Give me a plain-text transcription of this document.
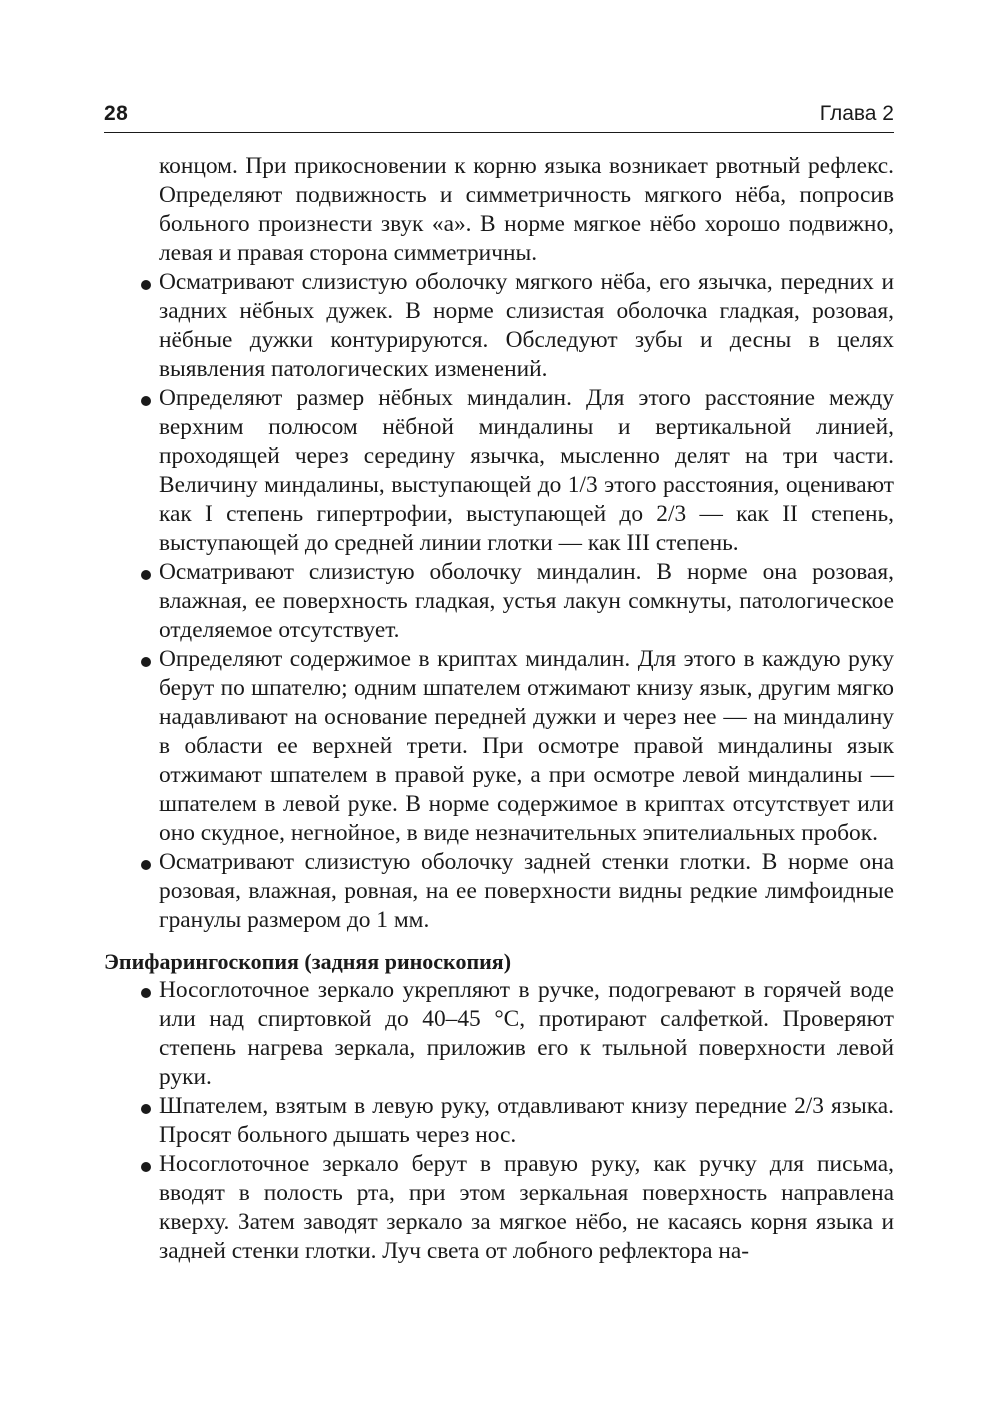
28	Глава 2

концом. При прикосновении к корню языка возникает рвотный рефлекс. Определяют подвижность и симметричность мягкого нёба, попросив больного произнести звук «а». В норме мягкое нёбо хорошо подвижно, левая и правая сторона симметричны.

Осматривают слизистую оболочку мягкого нёба, его язычка, передних и задних нёбных дужек. В норме слизистая оболочка гладкая, розовая, нёбные дужки контурируются. Обследуют зубы и десны в целях выявления патологических изменений.
Определяют размер нёбных миндалин. Для этого расстояние между верхним полюсом нёбной миндалины и вертикальной линией, проходящей через середину язычка, мысленно делят на три части. Величину миндалины, выступающей до 1/3 этого расстояния, оценивают как I степень гипертрофии, выступающей до 2/3 — как II степень, выступающей до средней линии глотки — как III степень.
Осматривают слизистую оболочку миндалин. В норме она розовая, влажная, ее поверхность гладкая, устья лакун сомкнуты, патологическое отделяемое отсутствует.
Определяют содержимое в криптах миндалин. Для этого в каждую руку берут по шпателю; одним шпателем отжимают книзу язык, другим мягко надавливают на основание передней дужки и через нее — на миндалину в области ее верхней трети. При осмотре правой миндалины язык отжимают шпателем в правой руке, а при осмотре левой миндалины — шпателем в левой руке. В норме содержимое в криптах отсутствует или оно скудное, негнойное, в виде незначительных эпителиальных пробок.
Осматривают слизистую оболочку задней стенки глотки. В норме она розовая, влажная, ровная, на ее поверхности видны редкие лимфоидные гранулы размером до 1 мм.

Эпифарингоскопия (задняя риноскопия)

Носоглоточное зеркало укрепляют в ручке, подогревают в горячей воде или над спиртовкой до 40–45 °С, протирают салфеткой. Проверяют степень нагрева зеркала, приложив его к тыльной поверхности левой руки.
Шпателем, взятым в левую руку, отдавливают книзу передние 2/3 языка. Просят больного дышать через нос.
Носоглоточное зеркало берут в правую руку, как ручку для письма, вводят в полость рта, при этом зеркальная поверхность направлена кверху. Затем заводят зеркало за мягкое нёбо, не касаясь корня языка и задней стенки глотки. Луч света от лобного рефлектора на-
